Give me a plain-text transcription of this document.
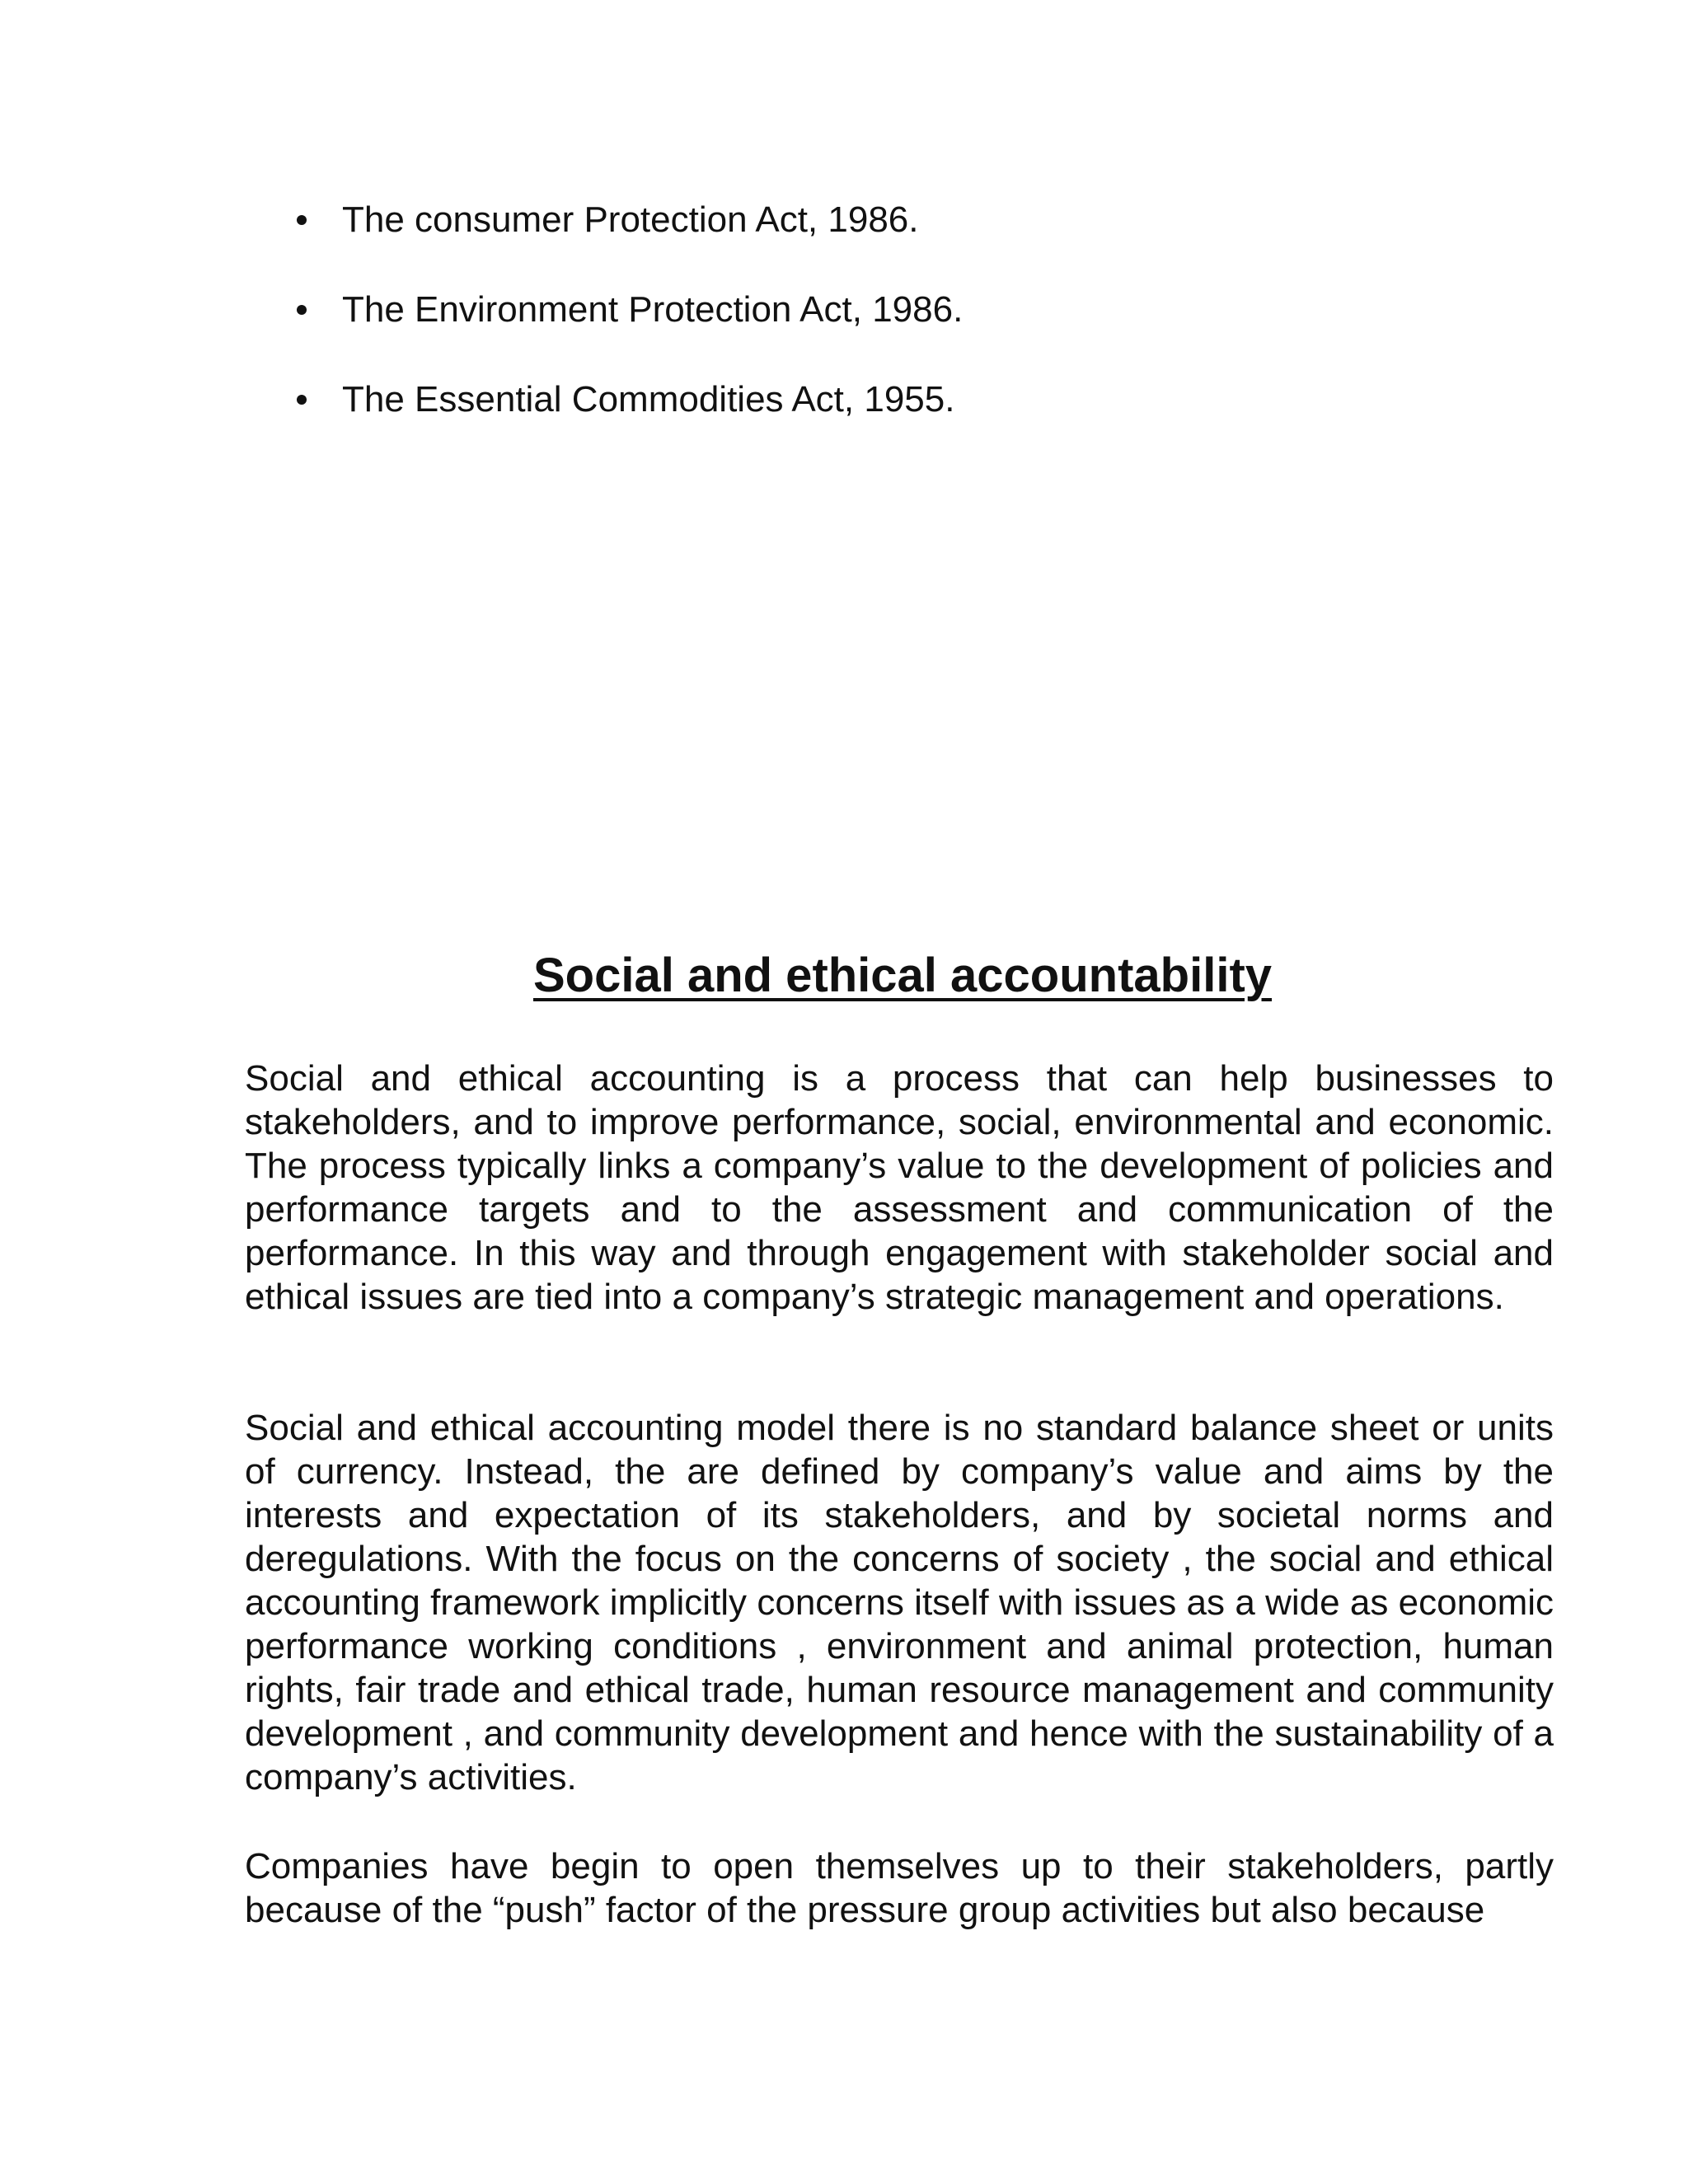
The consumer Protection Act, 1986.
The Environment Protection Act, 1986.
The Essential Commodities Act, 1955.
Social and ethical accountability

Social and ethical accounting is a process that can help businesses to stakeholders, and to improve performance, social, environmental and economic. The process typically links a company’s value to the development of policies and performance targets and to the assessment and communication of the performance. In this way and through engagement with stakeholder social and ethical issues are tied into a company’s strategic management and operations.

Social and ethical accounting model there is no standard balance sheet or units of currency. Instead, the are defined by company’s value and aims by the interests and expectation of its stakeholders, and by societal norms and deregulations. With the focus on the concerns of society , the social and ethical accounting framework implicitly concerns itself with issues as a wide as economic performance working conditions , environment and animal protection, human rights, fair trade and ethical trade, human resource management and community development , and community development and hence with the sustainability of a company’s activities.

Companies have begin to open themselves up to their stakeholders, partly because of the “push” factor of the pressure group activities but also because
